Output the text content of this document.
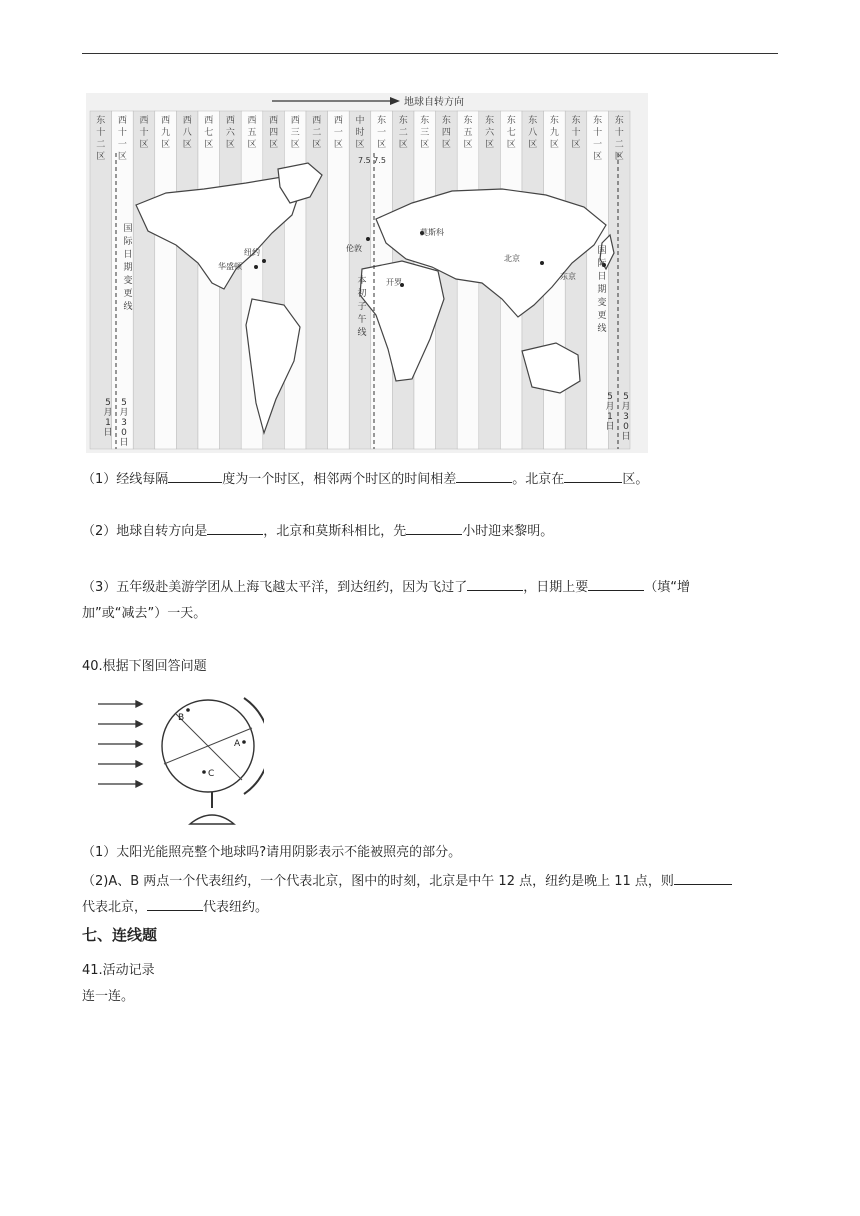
地球自转方向
东
十
二
区
西
十
一
区
西
十
区
西
九
区
西
八
区
西
七
区
西
六
区
西
五
区
西
四
区
西
三
区
西
二
区
西
一
区
中
时
区
东
一
区
东
二
区
东
三
区
东
四
区
东
五
区
东
六
区
东
七
区
东
八
区
东
九
区
东
十
区
东
十
一
区
东
十
二
区
7.5 7.5
纽约
华盛顿
伦敦
莫斯科
开罗
北京
东京
国
际
日
期
变
更
线
本
初
子
午
线
国
际
日
期
变
更
线
5
月
1
日
5
月
3
0
日
5
月
1
日
5
月
3
0
日
（1）经线每隔	度为一个时区，相邻两个时区的时间相差	。北京在	区。
（2）地球自转方向是	，北京和莫斯科相比，先	小时迎来黎明。
（3）五年级赴美游学团从上海飞越太平洋，到达纽约，因为飞过了	，日期上要	（填“增
加”或“减去”）一天。
40.根据下图回答问题
B
A
C
（1）太阳光能照亮整个地球吗?请用阴影表示不能被照亮的部分。
（2)A、B 两点一个代表纽约，一个代表北京，图中的时刻，北京是中午 12 点，纽约是晚上 11 点，则
代表北京，	代表纽约。
七、连线题
41.活动记录
连一连。
